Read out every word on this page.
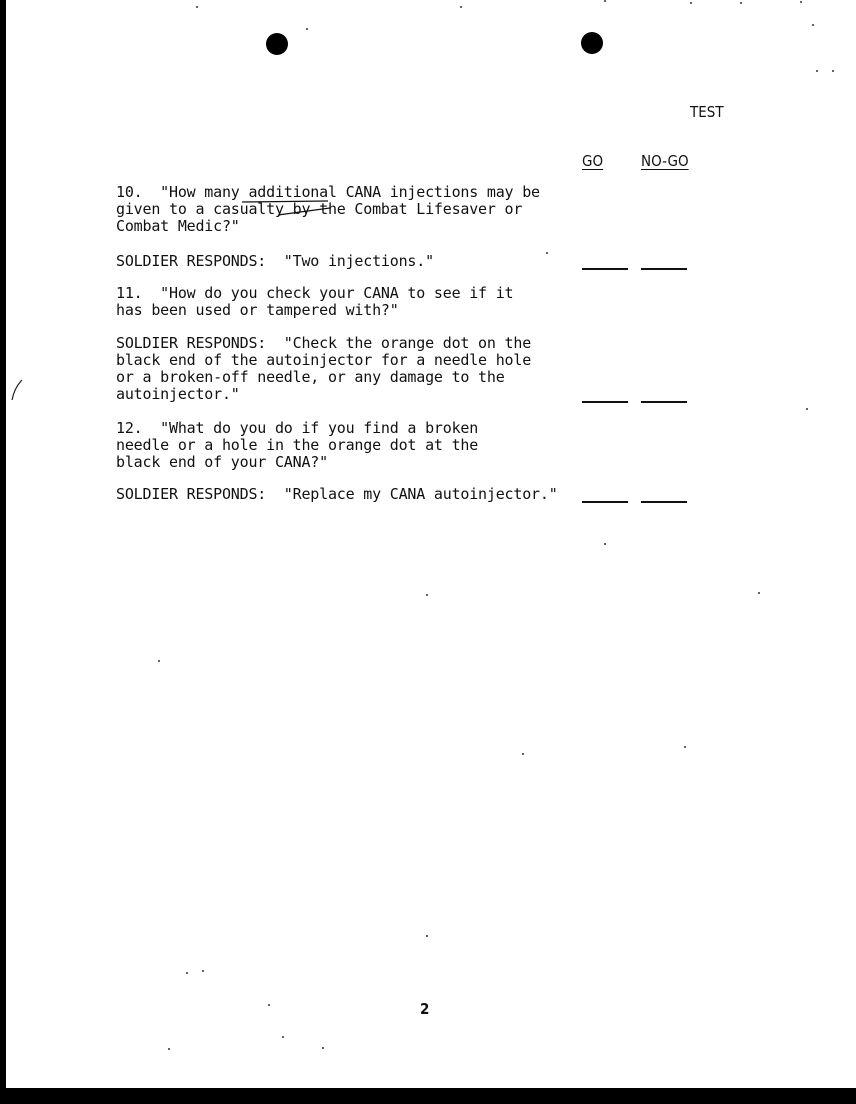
TEST
GO	NO-GO
10.  "How many additional CANA injections may be
given to a casualty by the Combat Lifesaver or
Combat Medic?"
SOLDIER RESPONDS:  "Two injections."
11.  "How do you check your CANA to see if it
has been used or tampered with?"
SOLDIER RESPONDS:  "Check the orange dot on the
black end of the autoinjector for a needle hole
or a broken-off needle, or any damage to the
autoinjector."
12.  "What do you do if you find a broken
needle or a hole in the orange dot at the
black end of your CANA?"
SOLDIER RESPONDS:  "Replace my CANA autoinjector."
2
